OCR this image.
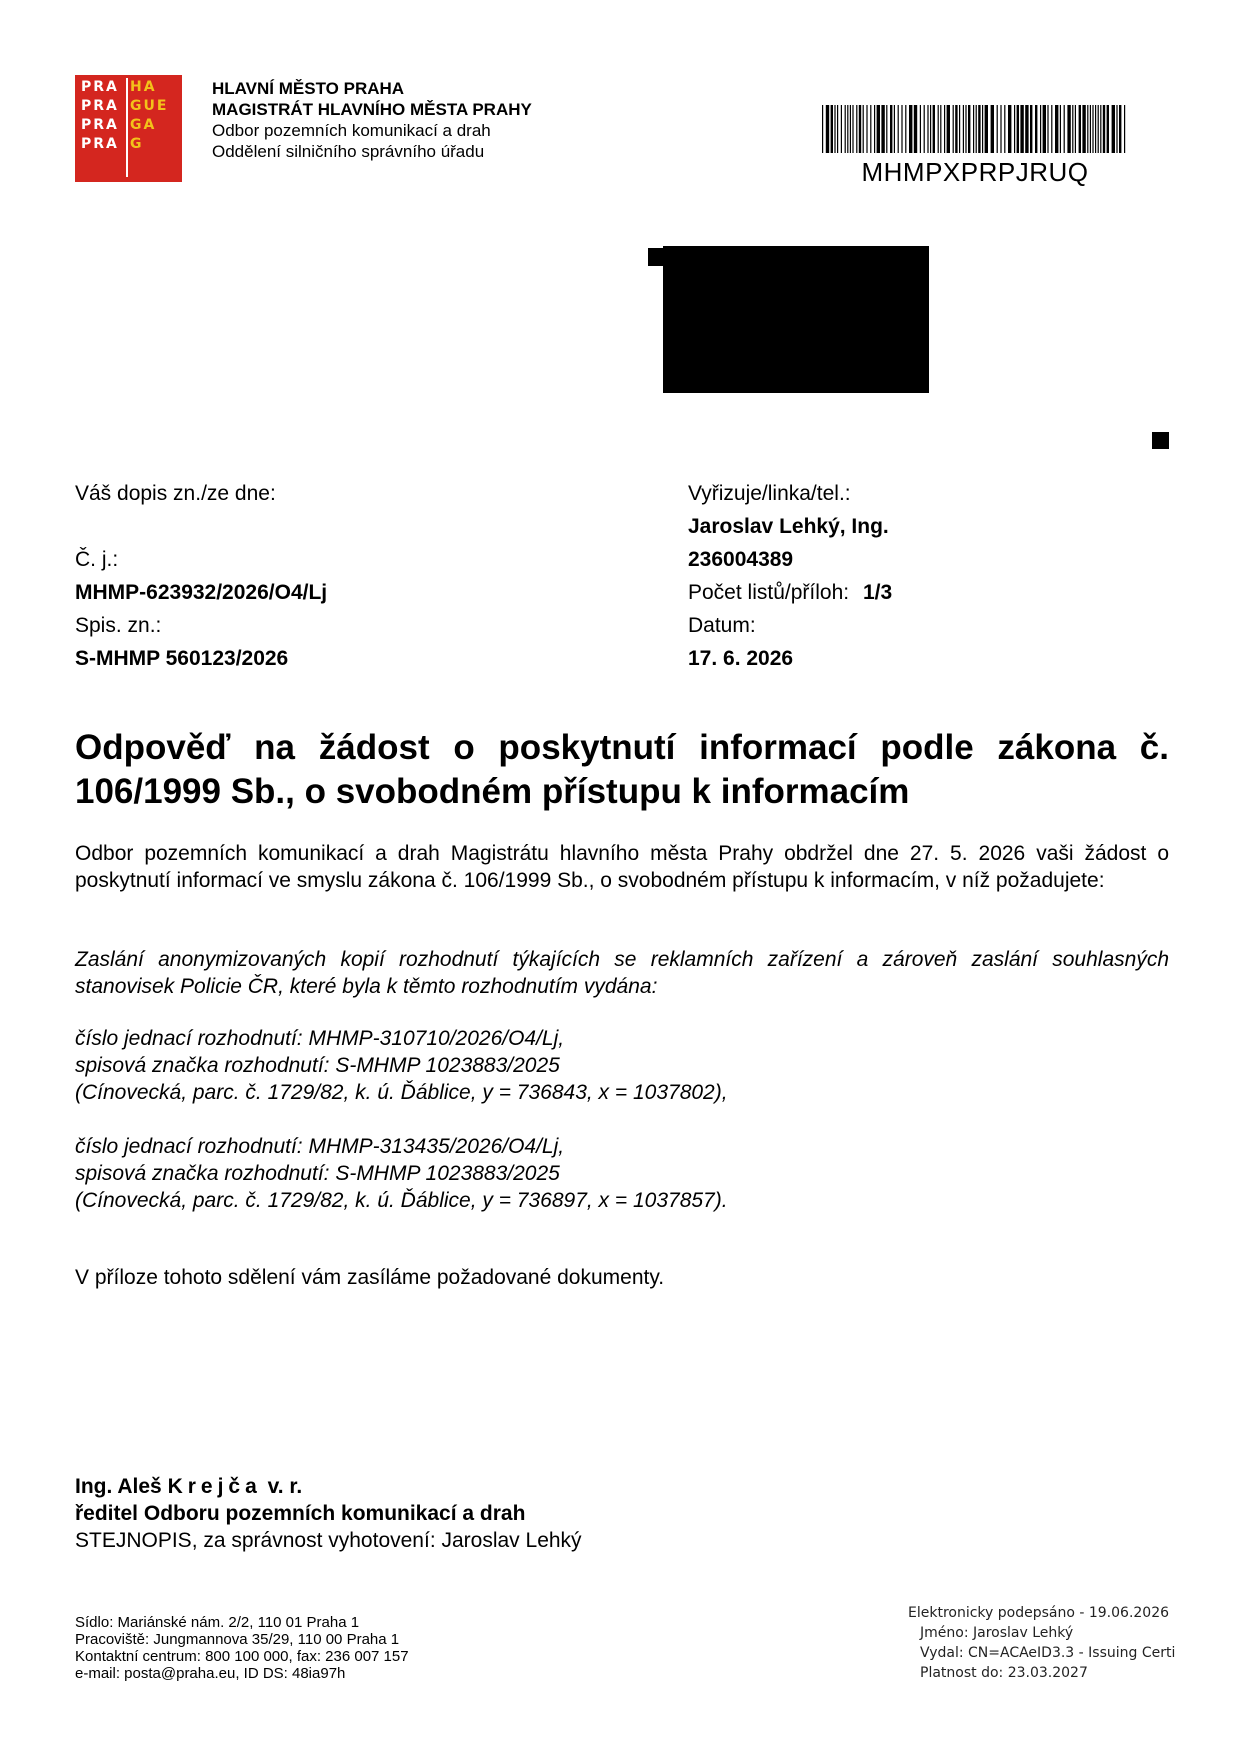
PRA
PRA
PRA
PRA
HA
GUE
GA
G
HLAVNÍ MĚSTO PRAHA
MAGISTRÁT HLAVNÍHO MĚSTA PRAHY
Odbor pozemních komunikací a drah
Oddělení silničního správního úřadu
MHMPXPRPJRUQ
Váš dopis zn./ze dne:
Č. j.:
MHMP-623932/2026/O4/Lj
Spis. zn.:
S-MHMP 560123/2026
Vyřizuje/linka/tel.:
Jaroslav Lehký, Ing.
236004389
Počet listů/příloh: 1/3
Datum:
17. 6. 2026
Odpověď na žádost o poskytnutí informací podle zákona č. 106/1999 Sb., o svobodném přístupu k informacím
Odbor pozemních komunikací a drah Magistrátu hlavního města Prahy obdržel dne 27. 5. 2026 vaši žádost o poskytnutí informací ve smyslu zákona č. 106/1999 Sb., o svobodném přístupu k informacím, v níž požadujete:
Zaslání anonymizovaných kopií rozhodnutí týkajících se reklamních zařízení a zároveň zaslání souhlasných stanovisek Policie ČR, které byla k těmto rozhodnutím vydána:
číslo jednací rozhodnutí: MHMP-310710/2026/O4/Lj,
spisová značka rozhodnutí: S-MHMP 1023883/2025
(Cínovecká, parc. č. 1729/82, k. ú. Ďáblice, y = 736843, x = 1037802),
číslo jednací rozhodnutí: MHMP-313435/2026/O4/Lj,
spisová značka rozhodnutí: S-MHMP 1023883/2025
(Cínovecká, parc. č. 1729/82, k. ú. Ďáblice, y = 736897, x = 1037857).
V příloze tohoto sdělení vám zasíláme požadované dokumenty.
Ing. Aleš Krejča v. r.
ředitel Odboru pozemních komunikací a drah
STEJNOPIS, za správnost vyhotovení: Jaroslav Lehký
Sídlo: Mariánské nám. 2/2, 110 01 Praha 1
Pracoviště: Jungmannova 35/29, 110 00 Praha 1
Kontaktní centrum: 800 100 000, fax: 236 007 157
e-mail: posta@praha.eu, ID DS: 48ia97h
Elektronicky podepsáno - 19.06.2026
Jméno: Jaroslav Lehký
Vydal: CN=ACAeID3.3 - Issuing Certi
Platnost do: 23.03.2027
